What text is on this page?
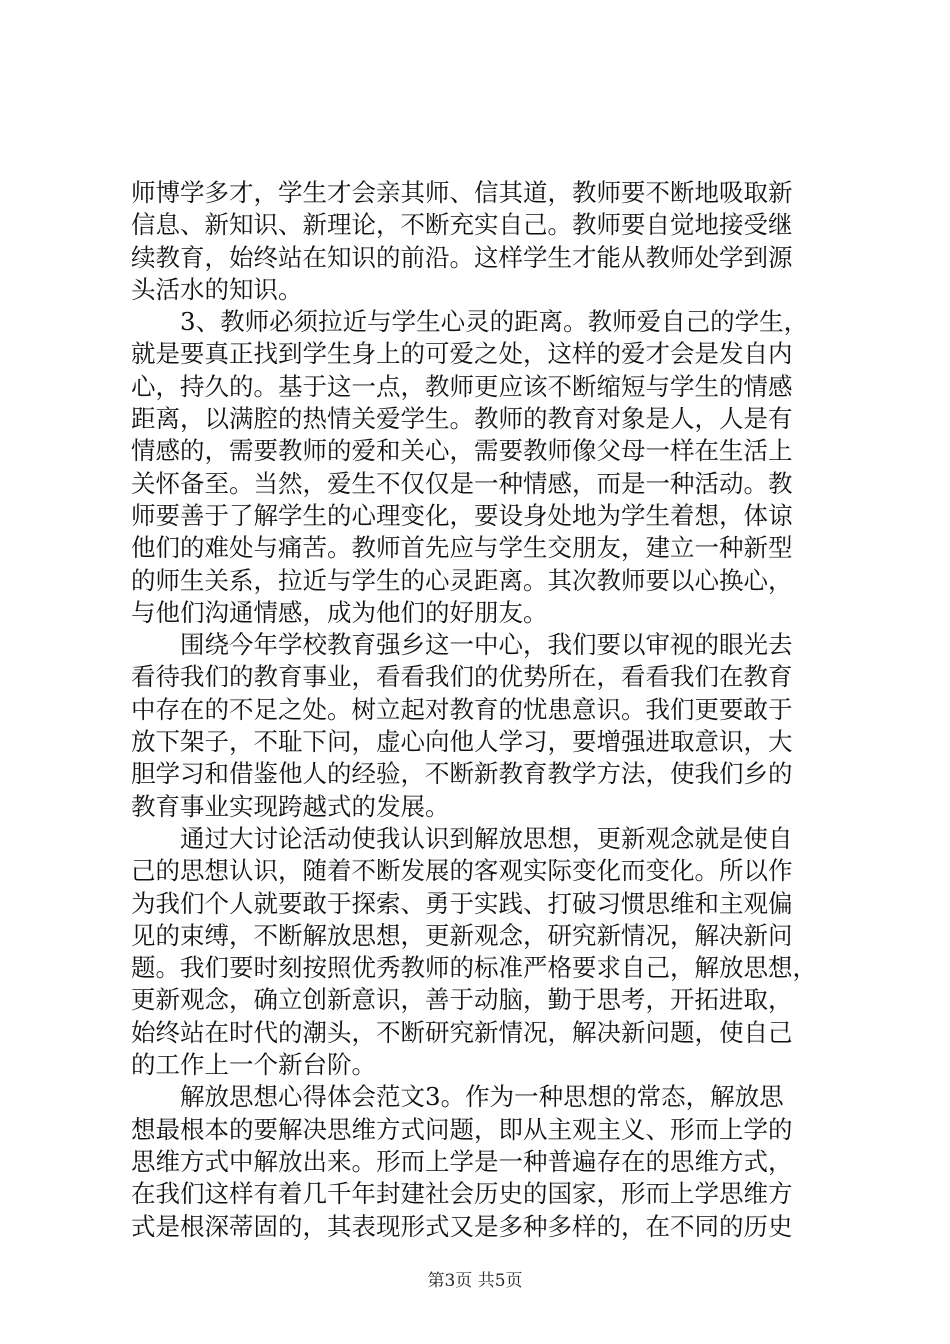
师博学多才，学生才会亲其师、信其道，教师要不断地吸取新
信息、新知识、新理论，不断充实自己。教师要自觉地接受继
续教育，始终站在知识的前沿。这样学生才能从教师处学到源
头活水的知识。
　　3、教师必须拉近与学生心灵的距离。教师爱自己的学生，
就是要真正找到学生身上的可爱之处，这样的爱才会是发自内
心，持久的。基于这一点，教师更应该不断缩短与学生的情感
距离，以满腔的热情关爱学生。教师的教育对象是人，人是有
情感的，需要教师的爱和关心，需要教师像父母一样在生活上
关怀备至。当然，爱生不仅仅是一种情感，而是一种活动。教
师要善于了解学生的心理变化，要设身处地为学生着想，体谅
他们的难处与痛苦。教师首先应与学生交朋友，建立一种新型
的师生关系，拉近与学生的心灵距离。其次教师要以心换心，
与他们沟通情感，成为他们的好朋友。
　　围绕今年学校教育强乡这一中心，我们要以审视的眼光去
看待我们的教育事业，看看我们的优势所在，看看我们在教育
中存在的不足之处。树立起对教育的忧患意识。我们更要敢于
放下架子，不耻下问，虚心向他人学习，要增强进取意识，大
胆学习和借鉴他人的经验，不断新教育教学方法，使我们乡的
教育事业实现跨越式的发展。
　　通过大讨论活动使我认识到解放思想，更新观念就是使自
己的思想认识，随着不断发展的客观实际变化而变化。所以作
为我们个人就要敢于探索、勇于实践、打破习惯思维和主观偏
见的束缚，不断解放思想，更新观念，研究新情况，解决新问
题。我们要时刻按照优秀教师的标准严格要求自己，解放思想，
更新观念，确立创新意识，善于动脑，勤于思考，开拓进取，
始终站在时代的潮头，不断研究新情况，解决新问题，使自己
的工作上一个新台阶。
　　解放思想心得体会范文3。作为一种思想的常态，解放思
想最根本的要解决思维方式问题，即从主观主义、形而上学的
思维方式中解放出来。形而上学是一种普遍存在的思维方式，
在我们这样有着几千年封建社会历史的国家，形而上学思维方
式是根深蒂固的，其表现形式又是多种多样的，在不同的历史
第3页 共5页
